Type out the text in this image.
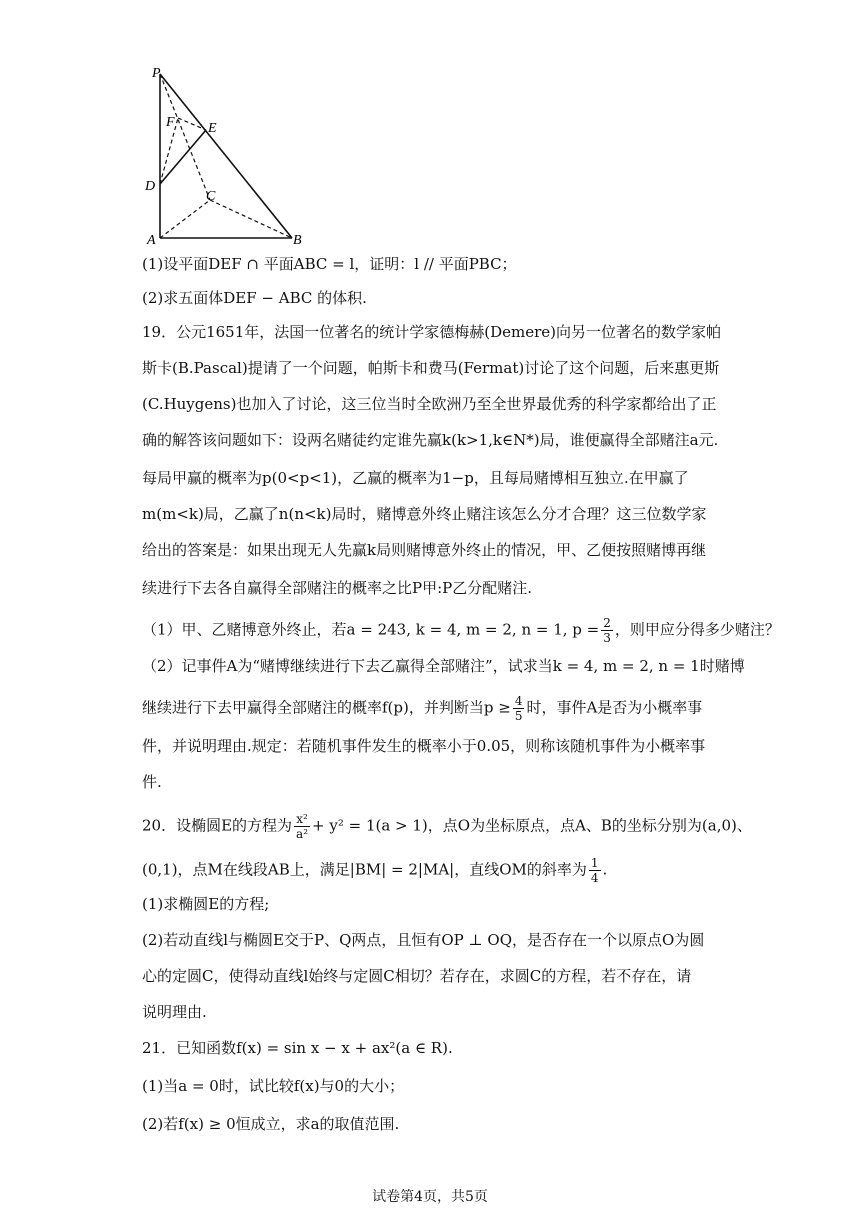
P
F E
D
C
A	B
(1)设平面DEF ∩ 平面ABC = l，证明：l // 平面PBC；
(2)求五面体DEF − ABC 的体积.
19．公元1651年，法国一位著名的统计学家德梅赫(Demere)向另一位著名的数学家帕
斯卡(B.Pascal)提请了一个问题，帕斯卡和费马(Fermat)讨论了这个问题，后来惠更斯
(C.Huygens)也加入了讨论，这三位当时全欧洲乃至全世界最优秀的科学家都给出了正
确的解答该问题如下：设两名赌徒约定谁先赢k(k>1,k∈N*)局，谁便赢得全部赌注a元.
每局甲赢的概率为p(0<p<1)，乙赢的概率为1−p，且每局赌博相互独立.在甲赢了
m(m<k)局，乙赢了n(n<k)局时，赌博意外终止赌注该怎么分才合理？这三位数学家
给出的答案是：如果出现无人先赢k局则赌博意外终止的情况，甲、乙便按照赌博再继
续进行下去各自赢得全部赌注的概率之比P甲:P乙分配赌注.
（1）甲、乙赌博意外终止，若a = 243, k = 4, m = 2, n = 1, $p = \frac{2}{3}$ ，则甲应分得多少赌注？
（2）记事件A为“赌博继续进行下去乙赢得全部赌注”，试求当k = 4, m = 2, n = 1时赌博
继续进行下去甲赢得全部赌注的概率f(p)，并判断当$p \ge \frac{4}{5}$ 时，事件A是否为小概率事
件，并说明理由.规定：若随机事件发生的概率小于0.05，则称该随机事件为小概率事
件.
20．设椭圆E的方程为 $\frac{\text{x²}}{\text{a²}} + y^2 = 1(a > 1)$，点O为坐标原点，点A、B的坐标分别为(a,0)、
(0,1)，点M在线段AB上，满足|BM| = 2|MA|，直线OM的斜率为 $\frac{1}{4}$ .
(1)求椭圆E的方程;
(2)若动直线l与椭圆E交于P、Q两点，且恒有OP ⊥ OQ，是否存在一个以原点O为圆
心的定圆C，使得动直线l始终与定圆C相切？若存在，求圆C的方程，若不存在，请
说明理由.
21．已知函数f(x) = sin x − x + ax²(a ∈ R).
(1)当a = 0时，试比较f(x)与0的大小；
(2)若f(x) ≥ 0恒成立，求a的取值范围.
试卷第4页，共5页
